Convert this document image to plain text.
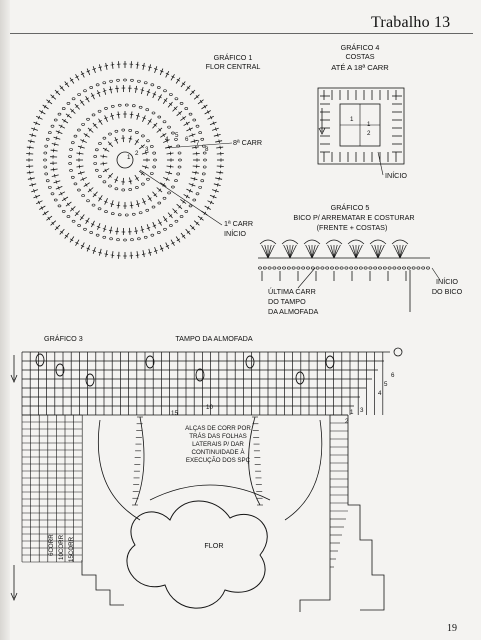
Trabalho 13
GRÁFICO 1
FLOR CENTRAL
8ª CARR
1ª CARR
INÍCIO
1
2
3
4
5
6
7
8
GRÁFICO 4
COSTAS
ATÉ A 18ª CARR
INÍCIO
1
1
2
GRÁFICO 5
BICO P/ ARREMATAR E COSTURAR
(FRENTE + COSTAS)
ÚLTIMA CARR
DO TAMPO
DA ALMOFADA
INÍCIO
DO BICO
GRÁFICO 3	TAMPO DA ALMOFADA
ALÇAS DE CORR POR
TRÁS DAS FOLHAS
LATERAIS P/ DAR
CONTINUIDADE À
EXECUÇÃO DOS SPÇ
FLOR
15CORR
10CORR
6CORR
15
10
6
5
4
3
2
1
19
